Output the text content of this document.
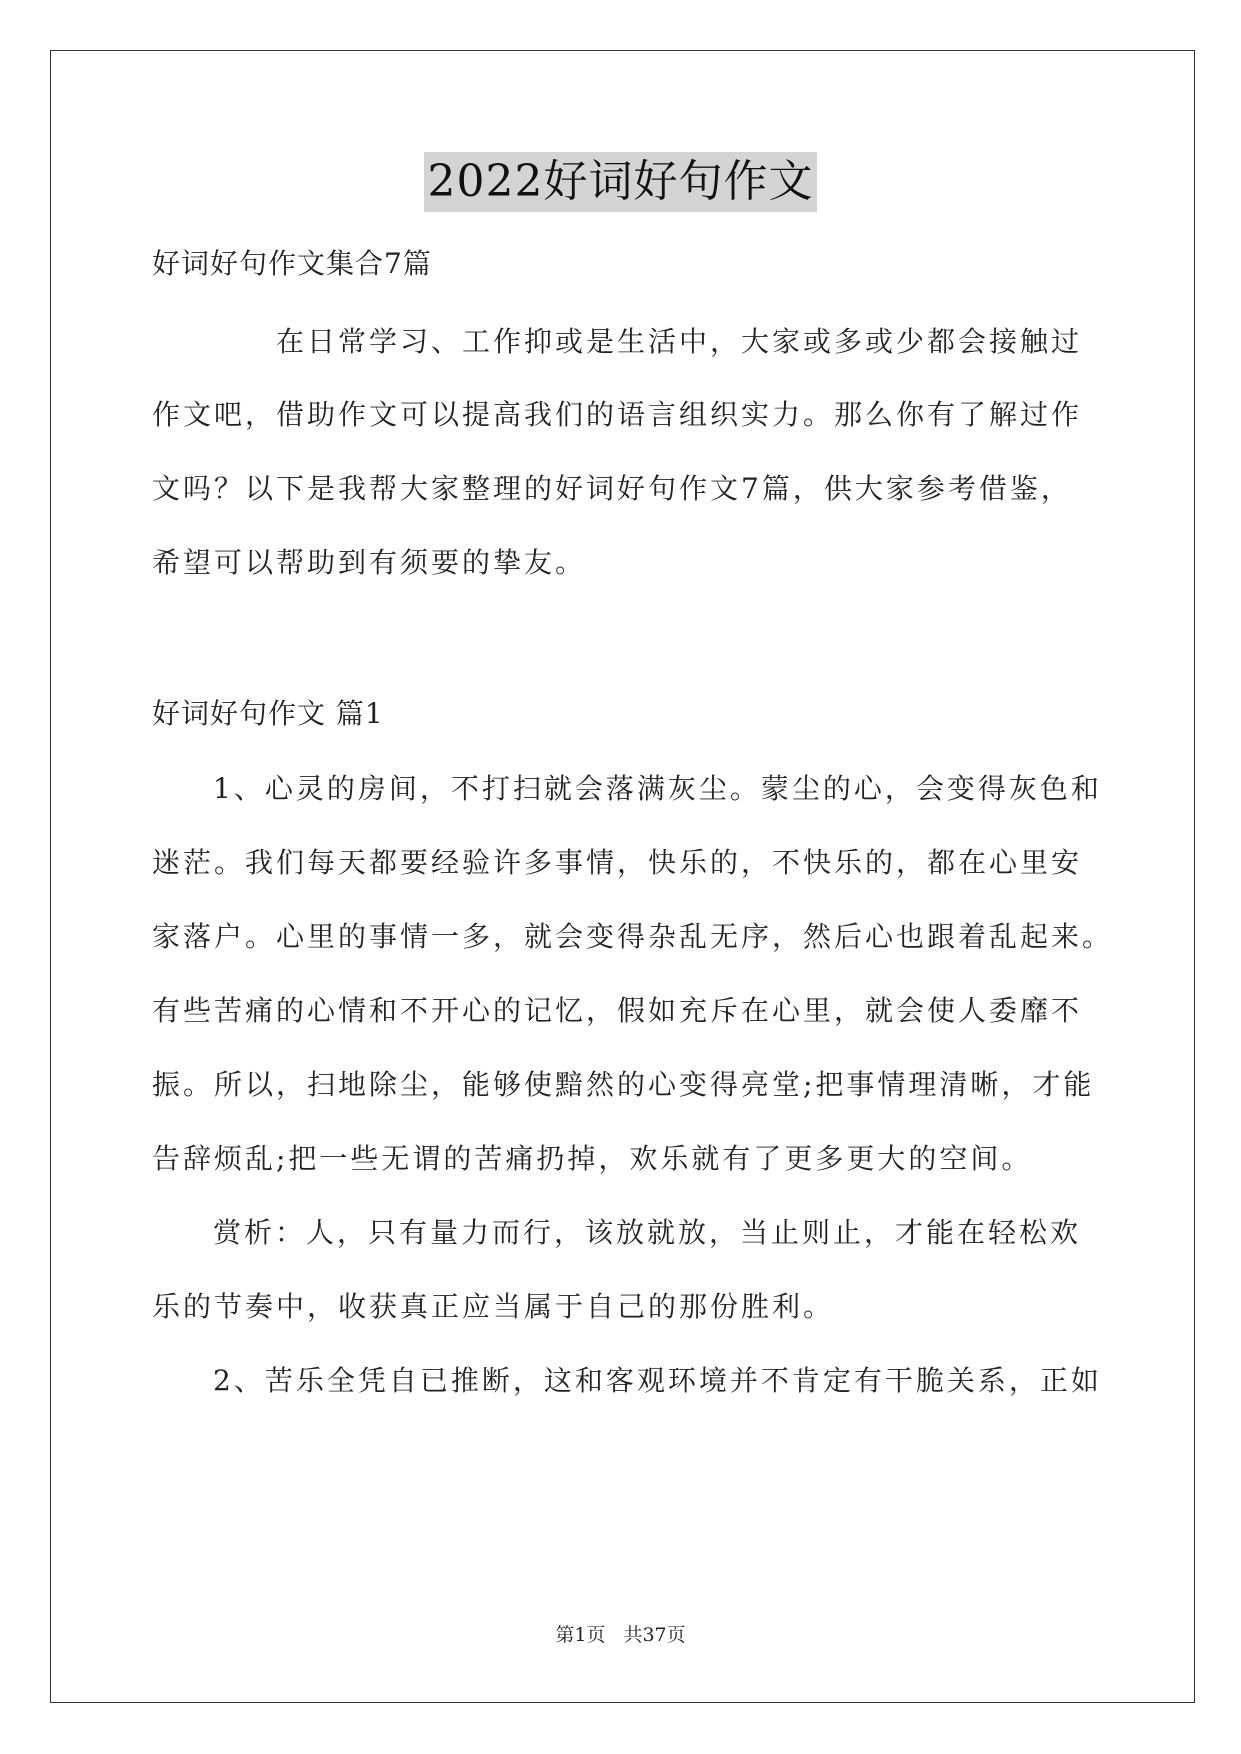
2022好词好句作文
好词好句作文集合7篇
在日常学习、工作抑或是生活中，大家或多或少都会接触过
作文吧，借助作文可以提高我们的语言组织实力。那么你有了解过作
文吗？以下是我帮大家整理的好词好句作文7篇，供大家参考借鉴，
希望可以帮助到有须要的挚友。
好词好句作文 篇1
1、心灵的房间，不打扫就会落满灰尘。蒙尘的心，会变得灰色和
迷茫。我们每天都要经验许多事情，快乐的，不快乐的，都在心里安
家落户。心里的事情一多，就会变得杂乱无序，然后心也跟着乱起来。
有些苦痛的心情和不开心的记忆，假如充斥在心里，就会使人委靡不
振。所以，扫地除尘，能够使黯然的心变得亮堂;把事情理清晰，才能
告辞烦乱;把一些无谓的苦痛扔掉，欢乐就有了更多更大的空间。
赏析：人，只有量力而行，该放就放，当止则止，才能在轻松欢
乐的节奏中，收获真正应当属于自己的那份胜利。
2、苦乐全凭自已推断，这和客观环境并不肯定有干脆关系，正如
第1页 共37页
